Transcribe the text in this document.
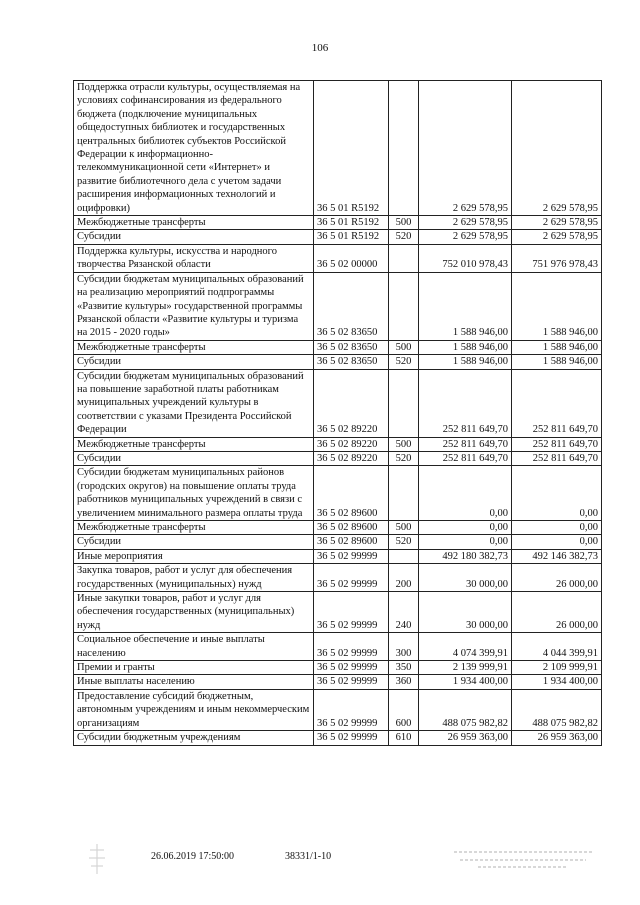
106
Поддержка отрасли культуры, осуществляемая на условиях софинансирования из федерального бюджета (подключение муниципальных общедоступных библиотек и государственных центральных библиотек субъектов Российской Федерации к информационно-телекоммуникационной сети «Интернет» и развитие библиотечного дела с учетом задачи расширения информационных технологий и оцифровки)	36 5 01 R5192		2 629 578,95	2 629 578,95
Межбюджетные трансферты	36 5 01 R5192	500	2 629 578,95	2 629 578,95
Субсидии	36 5 01 R5192	520	2 629 578,95	2 629 578,95
Поддержка культуры, искусства и народного творчества Рязанской области	36 5 02 00000		752 010 978,43	751 976 978,43
Субсидии бюджетам муниципальных образований на реализацию мероприятий подпрограммы «Развитие культуры» государственной программы Рязанской области «Развитие культуры и туризма на 2015 - 2020 годы»	36 5 02 83650		1 588 946,00	1 588 946,00
Межбюджетные трансферты	36 5 02 83650	500	1 588 946,00	1 588 946,00
Субсидии	36 5 02 83650	520	1 588 946,00	1 588 946,00
Субсидии бюджетам муниципальных образований на повышение заработной платы работникам муниципальных учреждений культуры в соответствии с указами Президента Российской Федерации	36 5 02 89220		252 811 649,70	252 811 649,70
Межбюджетные трансферты	36 5 02 89220	500	252 811 649,70	252 811 649,70
Субсидии	36 5 02 89220	520	252 811 649,70	252 811 649,70
Субсидии бюджетам муниципальных районов (городских округов) на повышение оплаты труда работников муниципальных учреждений в связи с увеличением минимального размера оплаты труда	36 5 02 89600		0,00	0,00
Межбюджетные трансферты	36 5 02 89600	500	0,00	0,00
Субсидии	36 5 02 89600	520	0,00	0,00
Иные мероприятия	36 5 02 99999		492 180 382,73	492 146 382,73
Закупка товаров, работ и услуг для обеспечения государственных (муниципальных) нужд	36 5 02 99999	200	30 000,00	26 000,00
Иные закупки товаров, работ и услуг для обеспечения государственных (муниципальных) нужд	36 5 02 99999	240	30 000,00	26 000,00
Социальное обеспечение и иные выплаты населению	36 5 02 99999	300	4 074 399,91	4 044 399,91
Премии и гранты	36 5 02 99999	350	2 139 999,91	2 109 999,91
Иные выплаты населению	36 5 02 99999	360	1 934 400,00	1 934 400,00
Предоставление субсидий бюджетным, автономным учреждениям и иным некоммерческим организациям	36 5 02 99999	600	488 075 982,82	488 075 982,82
Субсидии бюджетным учреждениям	36 5 02 99999	610	26 959 363,00	26 959 363,00
26.06.2019 17:50:00	38331/1-10
